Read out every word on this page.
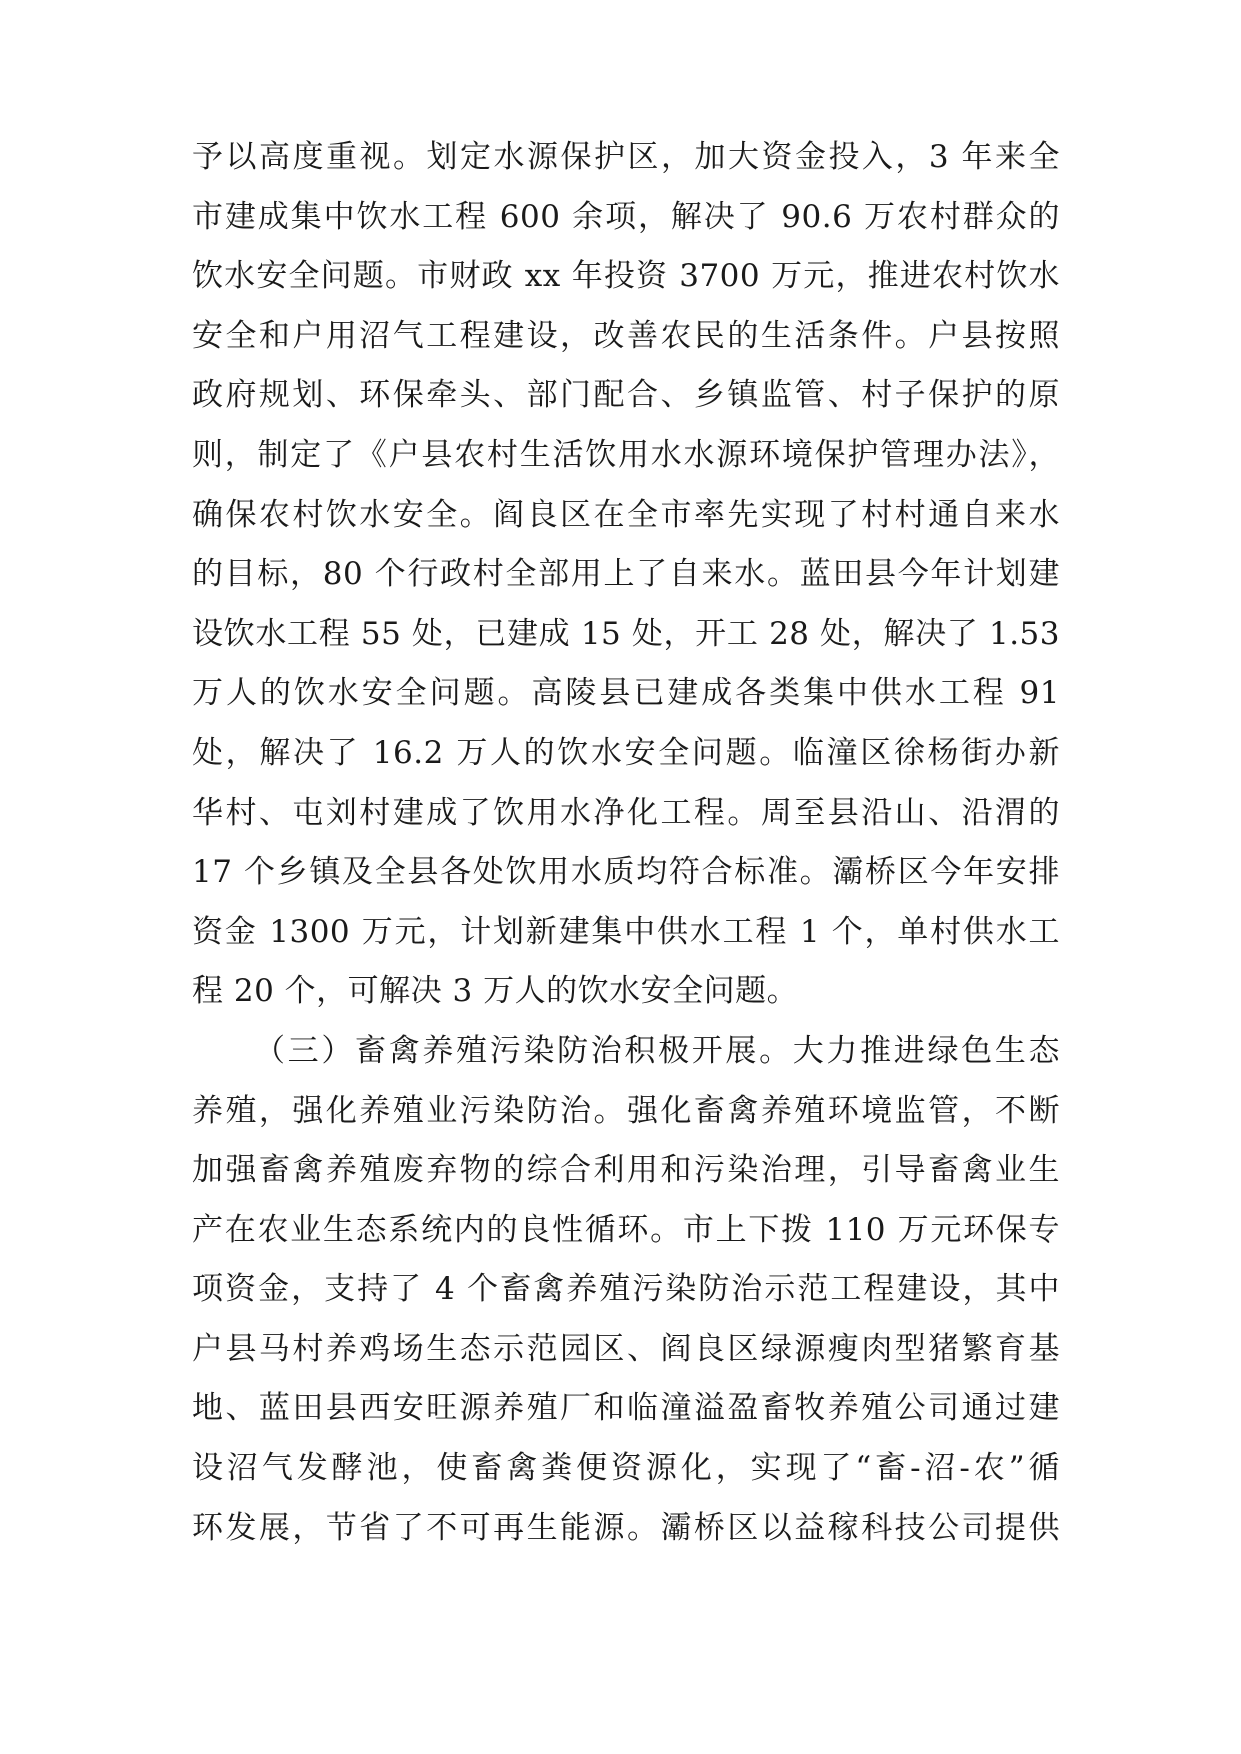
予以高度重视。划定水源保护区，加大资金投入，3 年来全
市建成集中饮水工程 600 余项，解决了 90.6 万农村群众的
饮水安全问题。市财政 xx 年投资 3700 万元，推进农村饮水
安全和户用沼气工程建设，改善农民的生活条件。户县按照
政府规划、环保牵头、部门配合、乡镇监管、村子保护的原
则，制定了《户县农村生活饮用水水源环境保护管理办法》，
确保农村饮水安全。阎良区在全市率先实现了村村通自来水
的目标，80 个行政村全部用上了自来水。蓝田县今年计划建
设饮水工程 55 处，已建成 15 处，开工 28 处，解决了 1.53
万人的饮水安全问题。高陵县已建成各类集中供水工程 91
处，解决了 16.2 万人的饮水安全问题。临潼区徐杨街办新
华村、屯刘村建成了饮用水净化工程。周至县沿山、沿渭的
17 个乡镇及全县各处饮用水质均符合标准。灞桥区今年安排
资金 1300 万元，计划新建集中供水工程 1 个，单村供水工
程 20 个，可解决 3 万人的饮水安全问题。
（三）畜禽养殖污染防治积极开展。大力推进绿色生态
养殖，强化养殖业污染防治。强化畜禽养殖环境监管，不断
加强畜禽养殖废弃物的综合利用和污染治理，引导畜禽业生
产在农业生态系统内的良性循环。市上下拨 110 万元环保专
项资金，支持了 4 个畜禽养殖污染防治示范工程建设，其中
户县马村养鸡场生态示范园区、阎良区绿源瘦肉型猪繁育基
地、蓝田县西安旺源养殖厂和临潼溢盈畜牧养殖公司通过建
设沼气发酵池，使畜禽粪便资源化，实现了“畜-沼-农”循
环发展，节省了不可再生能源。灞桥区以益稼科技公司提供
